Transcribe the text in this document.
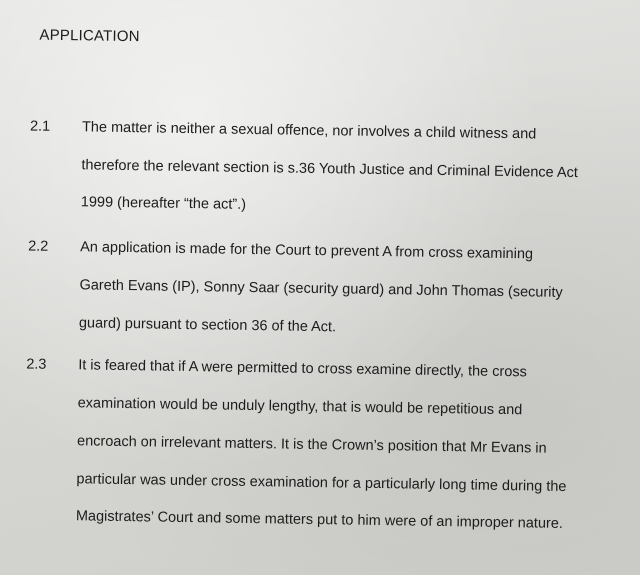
APPLICATION
2.1 The matter is neither a sexual offence, nor involves a child witness and
therefore the relevant section is s.36 Youth Justice and Criminal Evidence Act
1999 (hereafter “the act”.)
2.2 An application is made for the Court to prevent A from cross examining
Gareth Evans (IP), Sonny Saar (security guard) and John Thomas (security
guard) pursuant to section 36 of the Act.
2.3 It is feared that if A were permitted to cross examine directly, the cross
examination would be unduly lengthy, that is would be repetitious and
encroach on irrelevant matters. It is the Crown’s position that Mr Evans in
particular was under cross examination for a particularly long time during the
Magistrates’ Court and some matters put to him were of an improper nature.
